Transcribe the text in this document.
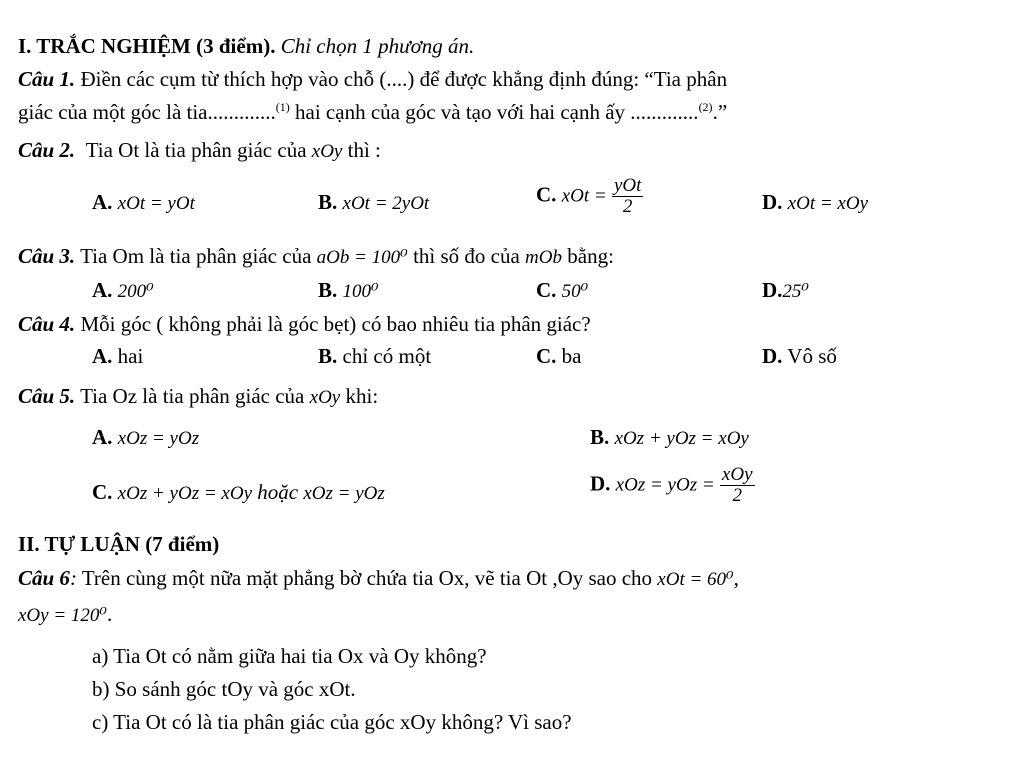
I. TRẮC NGHIỆM (3 điểm). Chỉ chọn 1 phương án.
Câu 1. Điền các cụm từ thích hợp vào chỗ (....) để được khẳng định đúng: “Tia phân
giác của một góc là tia.............$^{(1)}$ hai cạnh của góc và tạo với hai cạnh ấy .............$^{(2)}$.”
Câu 2. Tia Ot là tia phân giác của xOy thì :
A. xOt = yOt	B. xOt = 2yOt	C. xOt = $\frac{\text{yOt}}{2}$	D. xOt = xOy
Câu 3. Tia Om là tia phân giác của aOb = 100⁰ thì số đo của mOb bằng:
A. 200⁰	B. 100⁰	C. 50⁰	D.25⁰
Câu 4. Mỗi góc ( không phải là góc bẹt) có bao nhiêu tia phân giác?
A. hai	B. chỉ có một	C. ba	D. Vô số
Câu 5. Tia Oz là tia phân giác của xOy khi:
A. xOz = yOz	B. xOz + yOz = xOy
C. xOz + yOz = xOy hoặc xOz = yOz	D. xOz = yOz = $\frac{\text{xOy}}{2}$
II. TỰ LUẬN (7 điểm)
Câu 6: Trên cùng một nữa mặt phẳng bờ chứa tia Ox, vẽ tia Ot ,Oy sao cho xOt = 60⁰,
xOy = 120⁰.
a) Tia Ot có nằm giữa hai tia Ox và Oy không?
b) So sánh góc tOy và góc xOt.
c) Tia Ot có là tia phân giác của góc xOy không? Vì sao?
